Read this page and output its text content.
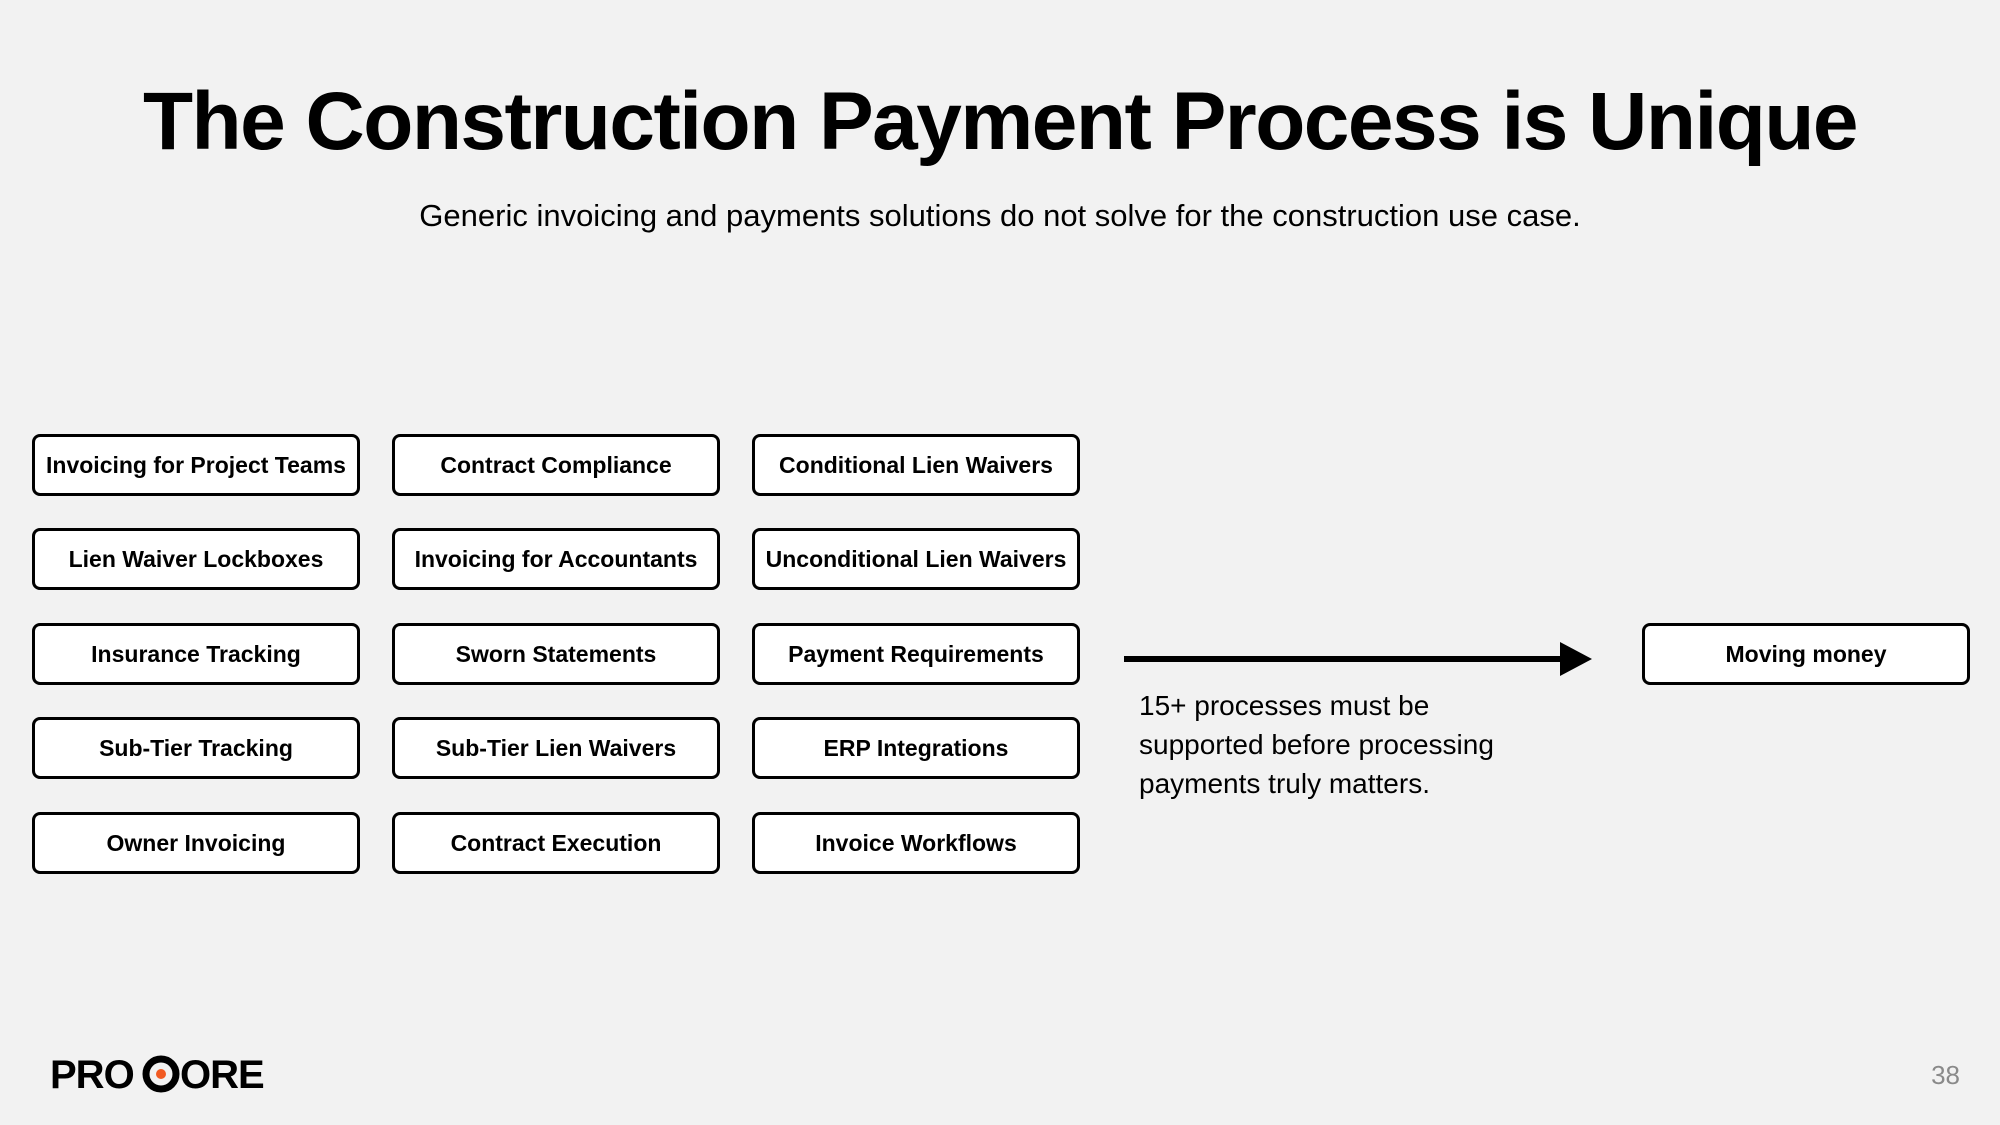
The Construction Payment Process is Unique

Generic invoicing and payments solutions do not solve for the construction use case.

Invoicing for Project Teams	Contract Compliance	Conditional Lien Waivers
Lien Waiver Lockboxes	Invoicing for Accountants	Unconditional Lien Waivers
Insurance Tracking	Sworn Statements	Payment Requirements
Sub-Tier Tracking	Sub-Tier Lien Waivers	ERP Integrations
Owner Invoicing	Contract Execution	Invoice Workflows

15+ processes must be supported before processing payments truly matters.

Moving money
PRO ORE	38
